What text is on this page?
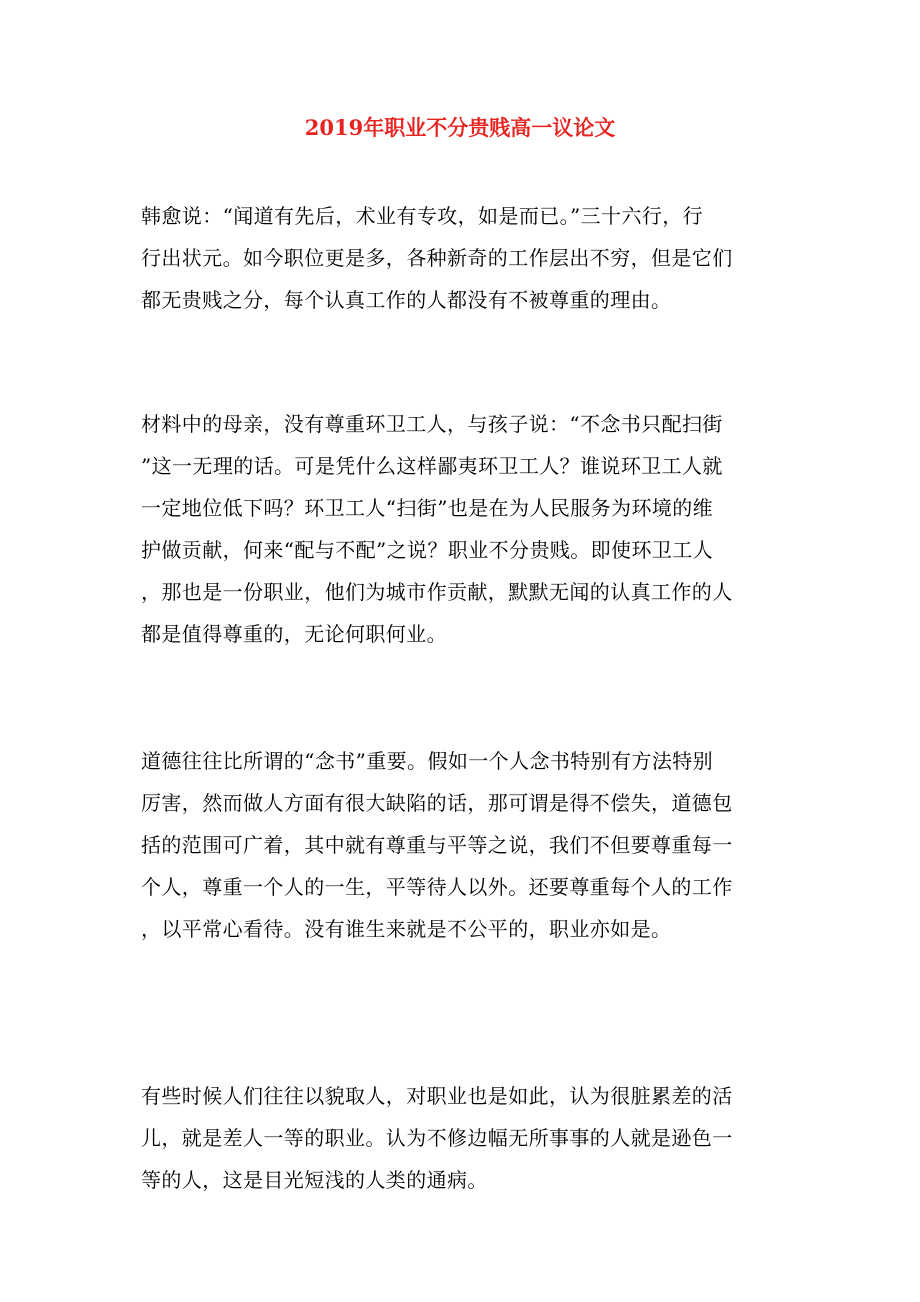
2019年职业不分贵贱高一议论文

韩愈说：“闻道有先后，术业有专攻，如是而已。”三十六行，行
行出状元。如今职位更是多，各种新奇的工作层出不穷，但是它们
都无贵贱之分，每个认真工作的人都没有不被尊重的理由。

材料中的母亲，没有尊重环卫工人，与孩子说：“不念书只配扫街
”这一无理的话。可是凭什么这样鄙夷环卫工人？谁说环卫工人就
一定地位低下吗？环卫工人“扫街”也是在为人民服务为环境的维
护做贡献，何来“配与不配”之说？职业不分贵贱。即使环卫工人
，那也是一份职业，他们为城市作贡献，默默无闻的认真工作的人
都是值得尊重的，无论何职何业。

道德往往比所谓的“念书”重要。假如一个人念书特别有方法特别
厉害，然而做人方面有很大缺陷的话，那可谓是得不偿失，道德包
括的范围可广着，其中就有尊重与平等之说，我们不但要尊重每一
个人，尊重一个人的一生，平等待人以外。还要尊重每个人的工作
，以平常心看待。没有谁生来就是不公平的，职业亦如是。

有些时候人们往往以貌取人，对职业也是如此，认为很脏累差的活
儿，就是差人一等的职业。认为不修边幅无所事事的人就是逊色一
等的人，这是目光短浅的人类的通病。
